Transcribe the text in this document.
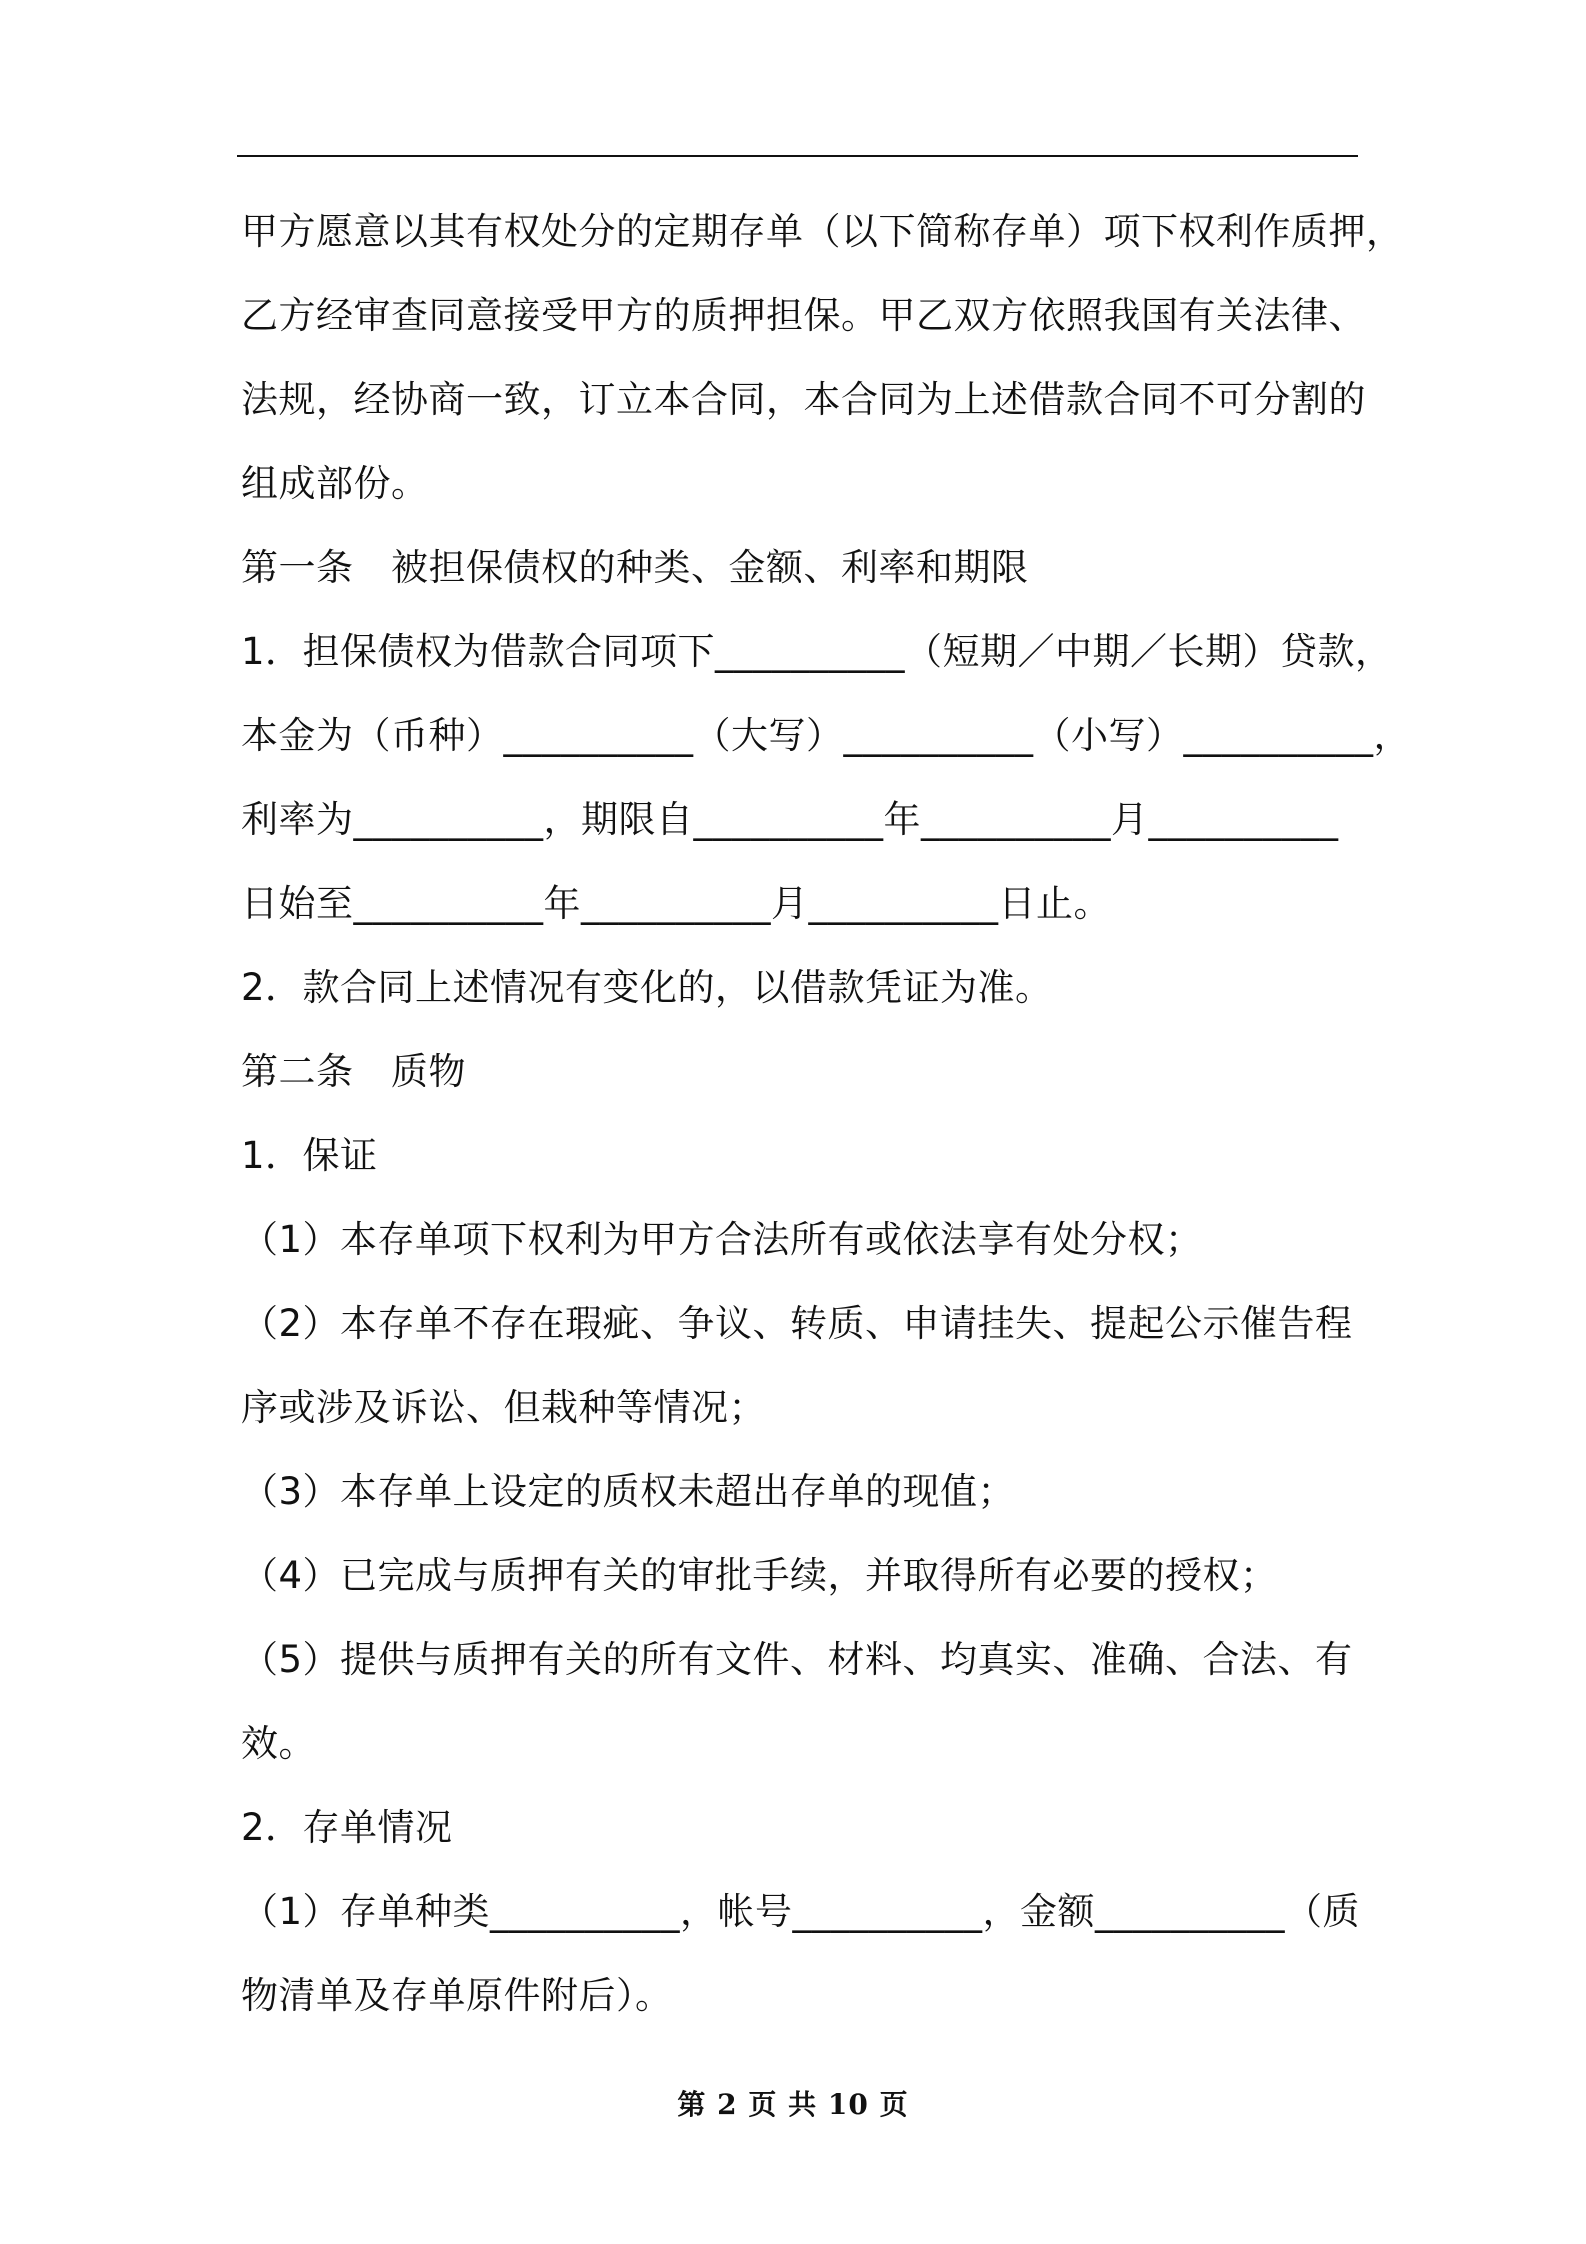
甲方愿意以其有权处分的定期存单（以下简称存单）项下权利作质押，
乙方经审查同意接受甲方的质押担保。甲乙双方依照我国有关法律、
法规，经协商一致，订立本合同，本合同为上述借款合同不可分割的
组成部份。
第一条　被担保债权的种类、金额、利率和期限
1．担保债权为借款合同项下__________（短期／中期／长期）贷款，
本金为（币种）__________（大写）__________（小写）__________，
利率为__________，期限自__________年__________月__________
日始至__________年__________月__________日止。
2．款合同上述情况有变化的，以借款凭证为准。
第二条　质物
1．保证
（1）本存单项下权利为甲方合法所有或依法享有处分权；
（2）本存单不存在瑕疵、争议、转质、申请挂失、提起公示催告程
序或涉及诉讼、但栽种等情况；
（3）本存单上设定的质权未超出存单的现值；
（4）已完成与质押有关的审批手续，并取得所有必要的授权；
（5）提供与质押有关的所有文件、材料、均真实、准确、合法、有
效。
2．存单情况
（1）存单种类__________，帐号__________，金额__________（质
物清单及存单原件附后）。
第 2 页 共 10 页
